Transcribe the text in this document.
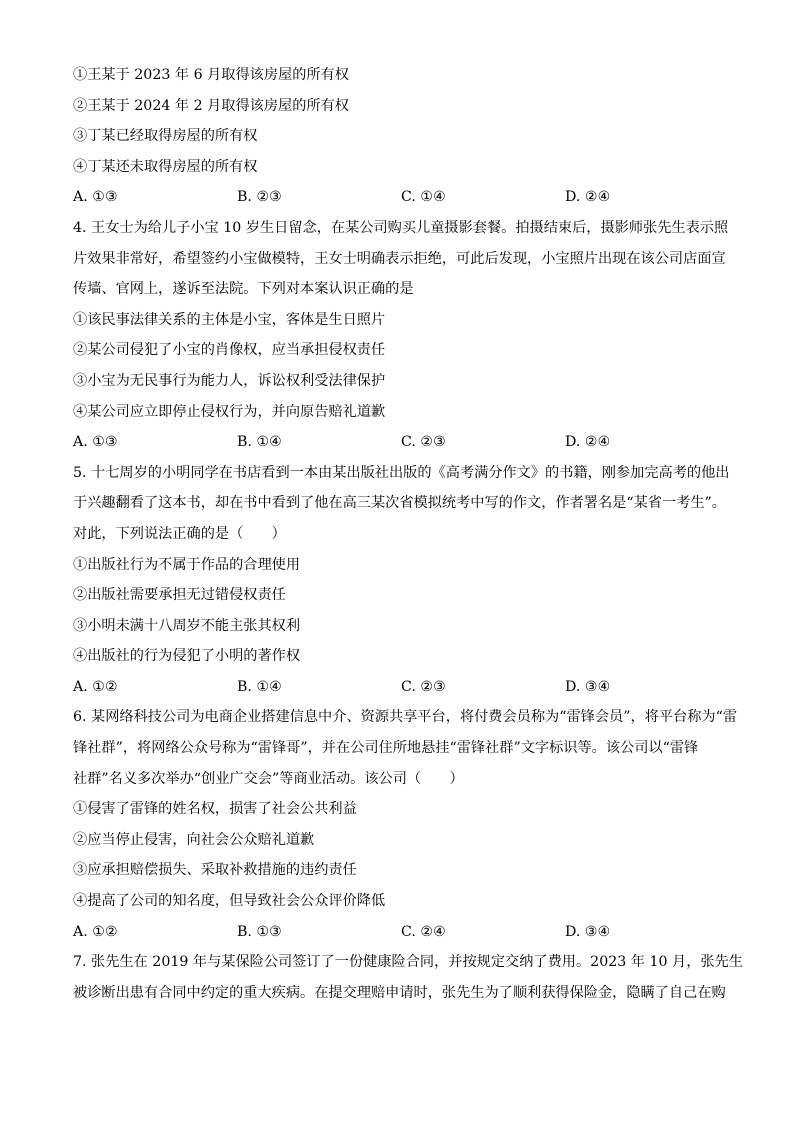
①王某于 2023 年 6 月取得该房屋的所有权
②王某于 2024 年 2 月取得该房屋的所有权
③丁某已经取得房屋的所有权
④丁某还未取得房屋的所有权
A. ①③	B. ②③	C. ①④	D. ②④
4. 王女士为给儿子小宝 10 岁生日留念，在某公司购买儿童摄影套餐。拍摄结束后，摄影师张先生表示照
片效果非常好，希望签约小宝做模特，王女士明确表示拒绝，可此后发现，小宝照片出现在该公司店面宣
传墙、官网上，遂诉至法院。下列对本案认识正确的是
①该民事法律关系的主体是小宝，客体是生日照片
②某公司侵犯了小宝的肖像权，应当承担侵权责任
③小宝为无民事行为能力人，诉讼权利受法律保护
④某公司应立即停止侵权行为，并向原告赔礼道歉
A. ①③	B. ①④	C. ②③	D. ②④
5. 十七周岁的小明同学在书店看到一本由某出版社出版的《高考满分作文》的书籍，刚参加完高考的他出
于兴趣翻看了这本书，却在书中看到了他在高三某次省模拟统考中写的作文，作者署名是“某省一考生”。
对此，下列说法正确的是（　　）
①出版社行为不属于作品的合理使用
②出版社需要承担无过错侵权责任
③小明未满十八周岁不能主张其权利
④出版社的行为侵犯了小明的著作权
A. ①②	B. ①④	C. ②③	D. ③④
6. 某网络科技公司为电商企业搭建信息中介、资源共享平台，将付费会员称为“雷锋会员”，将平台称为“雷
锋社群”，将网络公众号称为“雷锋哥”，并在公司住所地悬挂“雷锋社群”文字标识等。该公司以“雷锋
社群”名义多次举办“创业广交会”等商业活动。该公司（　　）
①侵害了雷锋的姓名权，损害了社会公共利益
②应当停止侵害，向社会公众赔礼道歉
③应承担赔偿损失、采取补救措施的违约责任
④提高了公司的知名度，但导致社会公众评价降低
A. ①②	B. ①③	C. ②④	D. ③④
7. 张先生在 2019 年与某保险公司签订了一份健康险合同，并按规定交纳了费用。2023 年 10 月，张先生
被诊断出患有合同中约定的重大疾病。在提交理赔申请时，张先生为了顺利获得保险金，隐瞒了自己在购
